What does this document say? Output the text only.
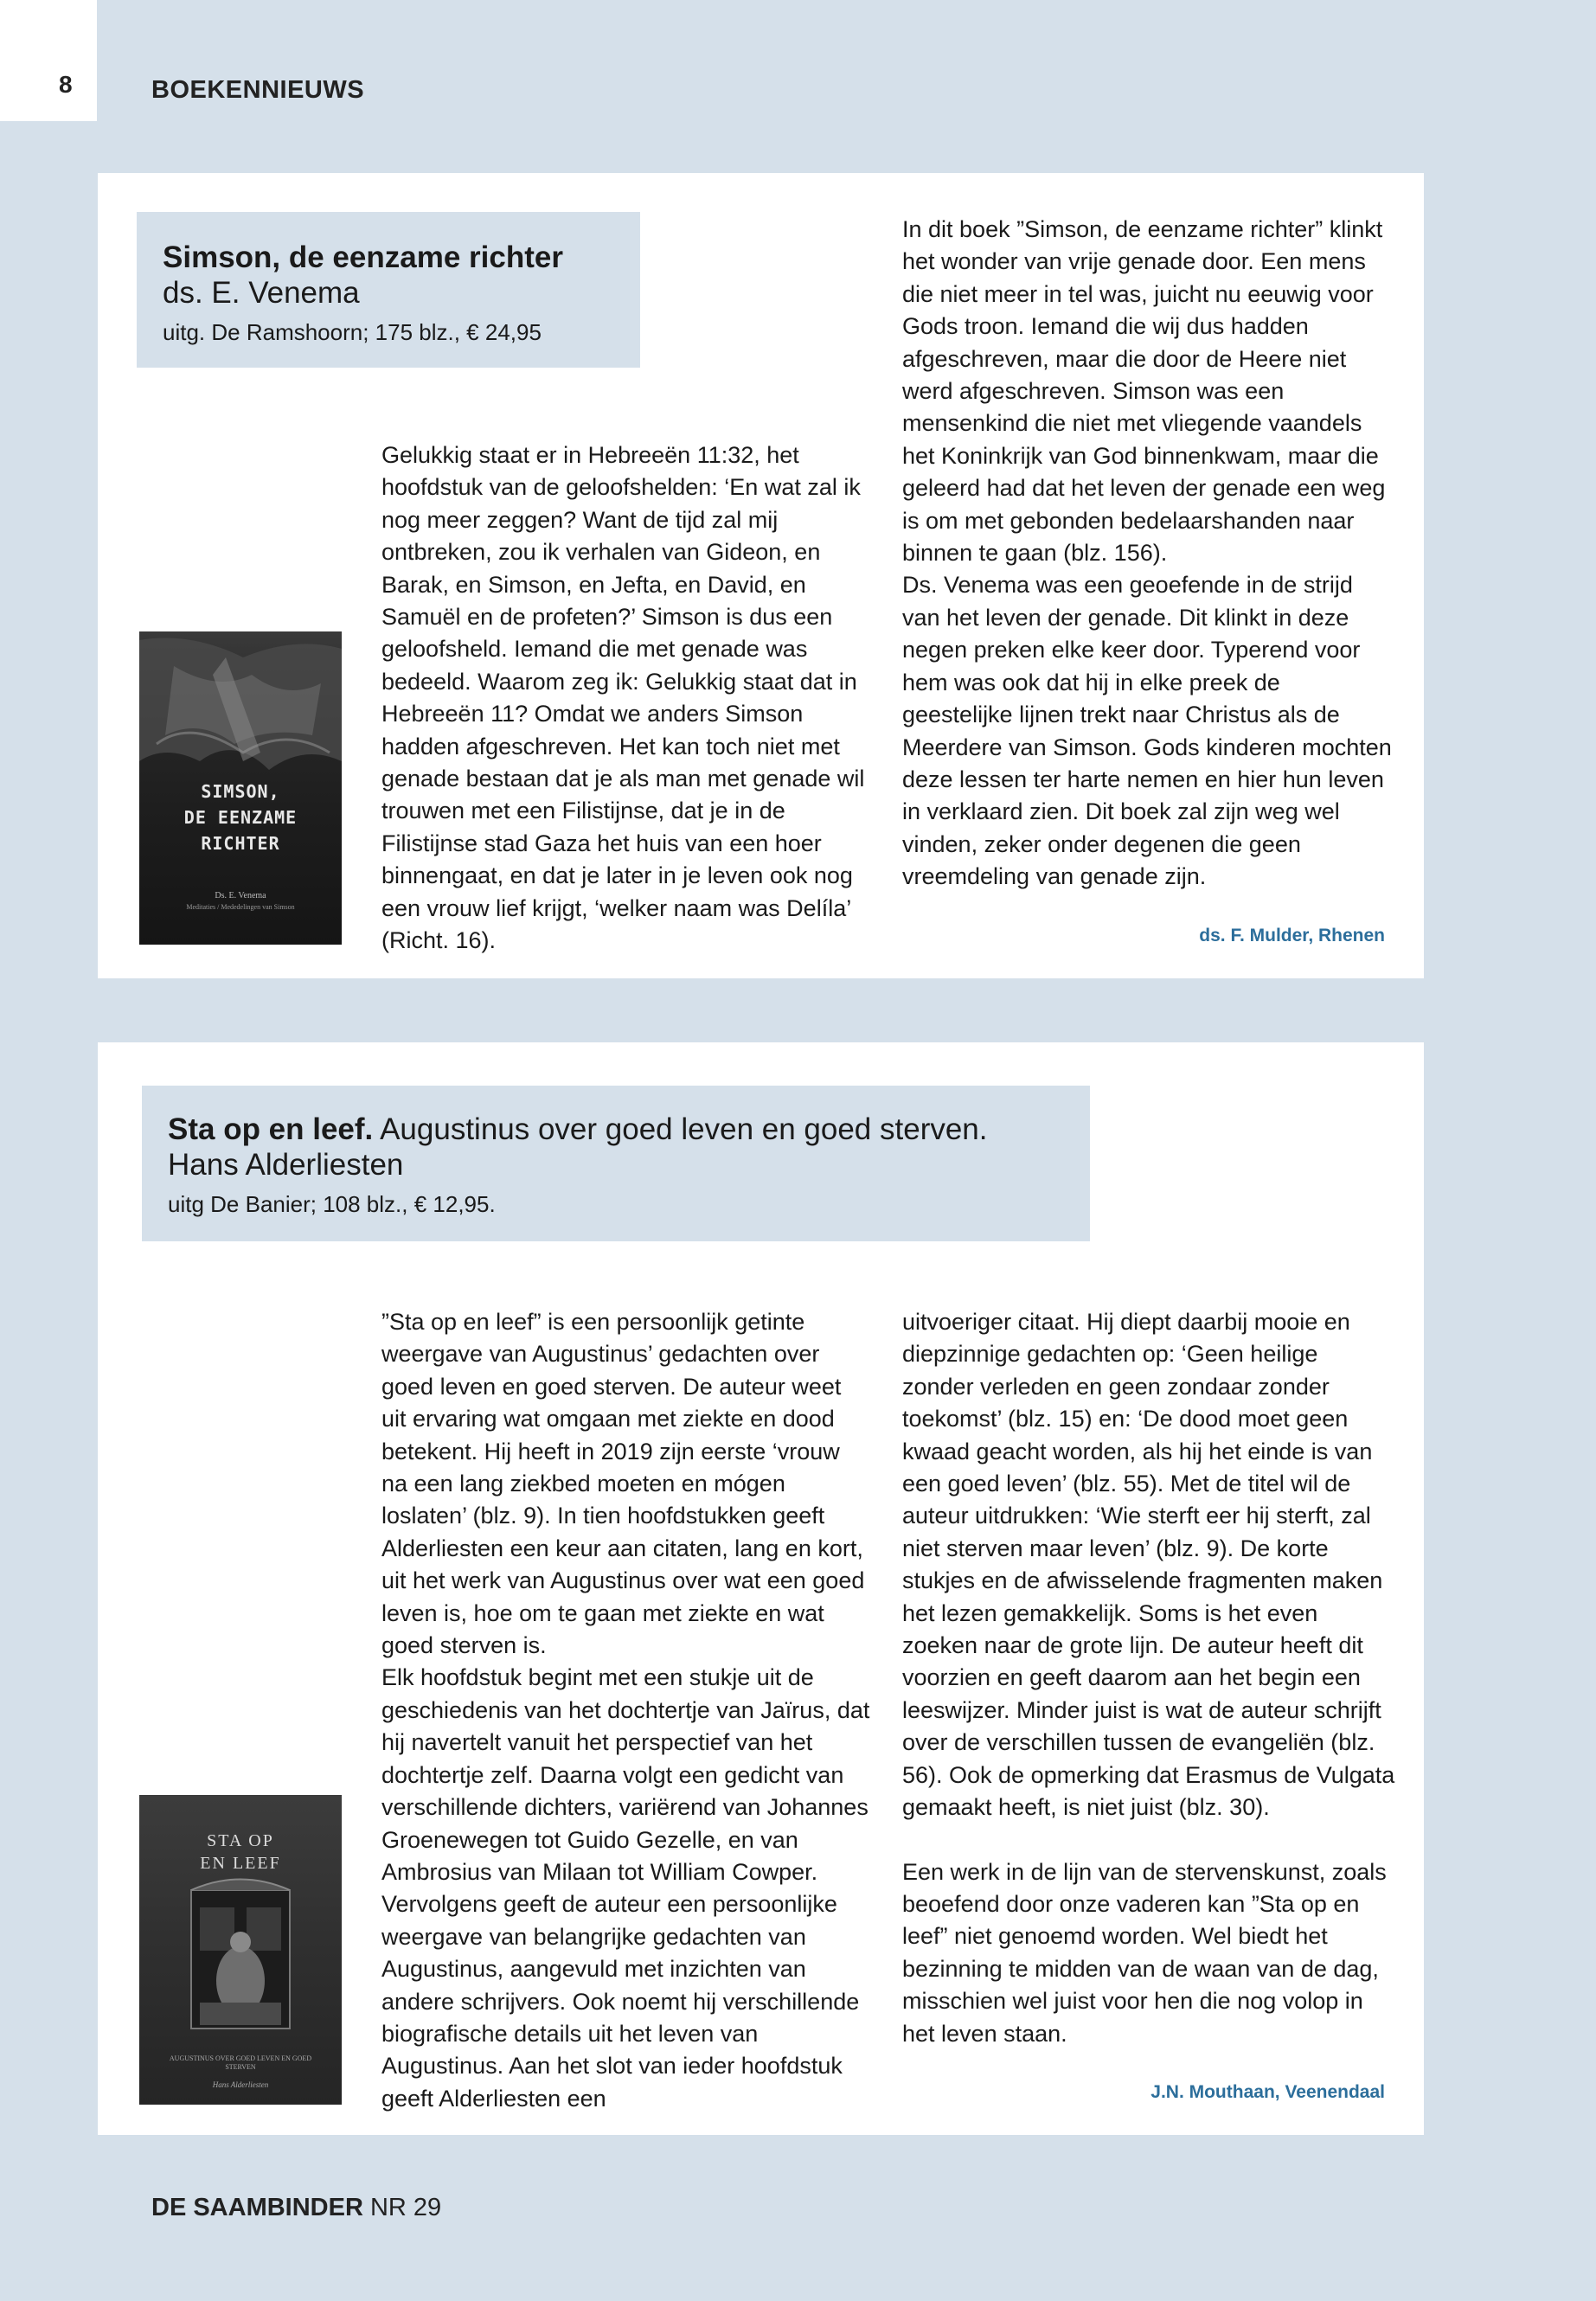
8	BOEKENNIEUWS
Simson, de eenzame richter
ds. E. Venema
uitg. De Ramshoorn; 175 blz., € 24,95
SIMSON,
DE EENZAME RICHTER
Ds. E. Venema
Meditaties / Mededelingen van Simson

Gelukkig staat er in Hebreeën 11:32, het hoofdstuk van de geloofshelden: ‘En wat zal ik nog meer zeggen? Want de tijd zal mij ontbreken, zou ik verhalen van Gideon, en Barak, en Simson, en Jefta, en David, en Samuël en de profeten?’ Simson is dus een geloofsheld. Iemand die met genade was bedeeld. Waarom zeg ik: Gelukkig staat dat in Hebreeën 11? Omdat we anders Simson hadden afgeschreven. Het kan toch niet met genade bestaan dat je als man met genade wil trouwen met een Filistijnse, dat je in de Filistijnse stad Gaza het huis van een hoer binnengaat, en dat je later in je leven ook nog een vrouw lief krijgt, ‘welker naam was Delíla’ (Richt. 16).

In dit boek ”Simson, de eenzame richter” klinkt het wonder van vrije genade door. Een mens die niet meer in tel was, juicht nu eeuwig voor Gods troon. Iemand die wij dus hadden afgeschreven, maar die door de Heere niet werd afgeschreven. Simson was een mensenkind die niet met vliegende vaandels het Koninkrijk van God binnenkwam, maar die geleerd had dat het leven der genade een weg is om met gebonden bedelaarshanden naar binnen te gaan (blz. 156).

Ds. Venema was een geoefende in de strijd van het leven der genade. Dit klinkt in deze negen preken elke keer door. Typerend voor hem was ook dat hij in elke preek de geestelijke lijnen trekt naar Christus als de Meerdere van Simson. Gods kinderen mochten deze lessen ter harte nemen en hier hun leven in verklaard zien. Dit boek zal zijn weg wel vinden, zeker onder degenen die geen vreemdeling van genade zijn.

ds. F. Mulder, Rhenen
Sta op en leef. Augustinus over goed leven en goed sterven.
Hans Alderliesten
uitg De Banier; 108 blz., € 12,95.
STA OP
EN LEEF
AUGUSTINUS OVER GOED LEVEN EN GOED STERVEN
Hans Alderliesten

”Sta op en leef” is een persoonlijk getinte weergave van Augustinus’ gedachten over goed leven en goed sterven. De auteur weet uit ervaring wat omgaan met ziekte en dood betekent. Hij heeft in 2019 zijn eerste ‘vrouw na een lang ziekbed moeten en mógen loslaten’ (blz. 9). In tien hoofdstukken geeft Alderliesten een keur aan citaten, lang en kort, uit het werk van Augustinus over wat een goed leven is, hoe om te gaan met ziekte en wat goed sterven is.

Elk hoofdstuk begint met een stukje uit de geschiedenis van het dochtertje van Jaïrus, dat hij navertelt vanuit het perspectief van het dochtertje zelf. Daarna volgt een gedicht van verschillende dichters, variërend van Johannes Groenewegen tot Guido Gezelle, en van Ambrosius van Milaan tot William Cowper. Vervolgens geeft de auteur een persoonlijke weergave van belangrijke gedachten van Augustinus, aangevuld met inzichten van andere schrijvers. Ook noemt hij verschillende biografische details uit het leven van Augustinus. Aan het slot van ieder hoofdstuk geeft Alderliesten een

uitvoeriger citaat. Hij diept daarbij mooie en diepzinnige gedachten op: ‘Geen heilige zonder verleden en geen zondaar zonder toekomst’ (blz. 15) en: ‘De dood moet geen kwaad geacht worden, als hij het einde is van een goed leven’ (blz. 55). Met de titel wil de auteur uitdrukken: ‘Wie sterft eer hij sterft, zal niet sterven maar leven’ (blz. 9). De korte stukjes en de afwisselende fragmenten maken het lezen gemakkelijk. Soms is het even zoeken naar de grote lijn. De auteur heeft dit voorzien en geeft daarom aan het begin een leeswijzer. Minder juist is wat de auteur schrijft over de verschillen tussen de evangeliën (blz. 56). Ook de opmerking dat Erasmus de Vulgata gemaakt heeft, is niet juist (blz. 30).

Een werk in de lijn van de stervenskunst, zoals beoefend door onze vaderen kan ”Sta op en leef” niet genoemd worden. Wel biedt het bezinning te midden van de waan van de dag, misschien wel juist voor hen die nog volop in het leven staan.

J.N. Mouthaan, Veenendaal
DE SAAMBINDER NR 29
